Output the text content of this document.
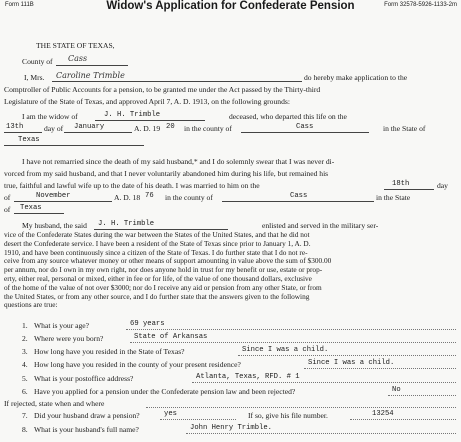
Form 111B	Widow's Application for Confederate Pension	Form 32578-5926-1133-2m
THE STATE OF TEXAS,
County of Cass
I, Mrs. Caroline Trimble	do hereby make application to the
Comptroller of Public Accounts for a pension, to be granted me under the Act passed by the Thirty-third
Legislature of the State of Texas, and approved April 7, A. D. 1913, on the following grounds:
I am the widow of	J. H. Trimble	deceased, who departed this life on the
13th	day of January	A. D. 19 20 in the county of	Cass	in the State of
Texas
I have not remarried since the death of my said husband,* and I do solemnly swear that I was never di-
vorced from my said husband, and that I never voluntarily abandoned him during his life, but remained his
true, faithful and lawful wife up to the date of his death. I was married to him on the	18th	day
of	November	A. D. 18 76 in the county of	Cass	in the State
of Texas
My husband, the said J. H. Trimble	enlisted and served in the military ser-
vice of the Confederate States during the war between the States of the United States, and that he did not
desert the Confederate service. I have been a resident of the State of Texas since prior to January 1, A. D.
1910, and have been continuously since a citizen of the State of Texas. I do further state that I do not re-
ceive from any source whatever money or other means of support amounting in value above the sum of $300.00
per annum, nor do I own in my own right, nor does anyone hold in trust for my benefit or use, estate or prop-
erty, either real, personal or mixed, either in fee or for life, of the value of one thousand dollars, exclusive
of the home of the value of not over $3000; nor do I receive any aid or pension from any other State, or from
the United States, or from any other source, and I do further state that the answers given to the following
questions are true:
1. What is your age?	69 years
2. Where were you born?	State of Arkansas
3. How long have you resided in the State of Texas?	Since I was a child.
4. How long have you resided in the county of your present residence?	Since I was a child.
5. What is your postoffice address?	Atlanta, Texas, RFD. # 1
6. Have you applied for a pension under the Confederate pension law and been rejected?	No
If rejected, state when and where
7. Did your husband draw a pension?	yes	If so, give his file number.	13254
8. What is your husband's full name?	John Henry Trimble.
